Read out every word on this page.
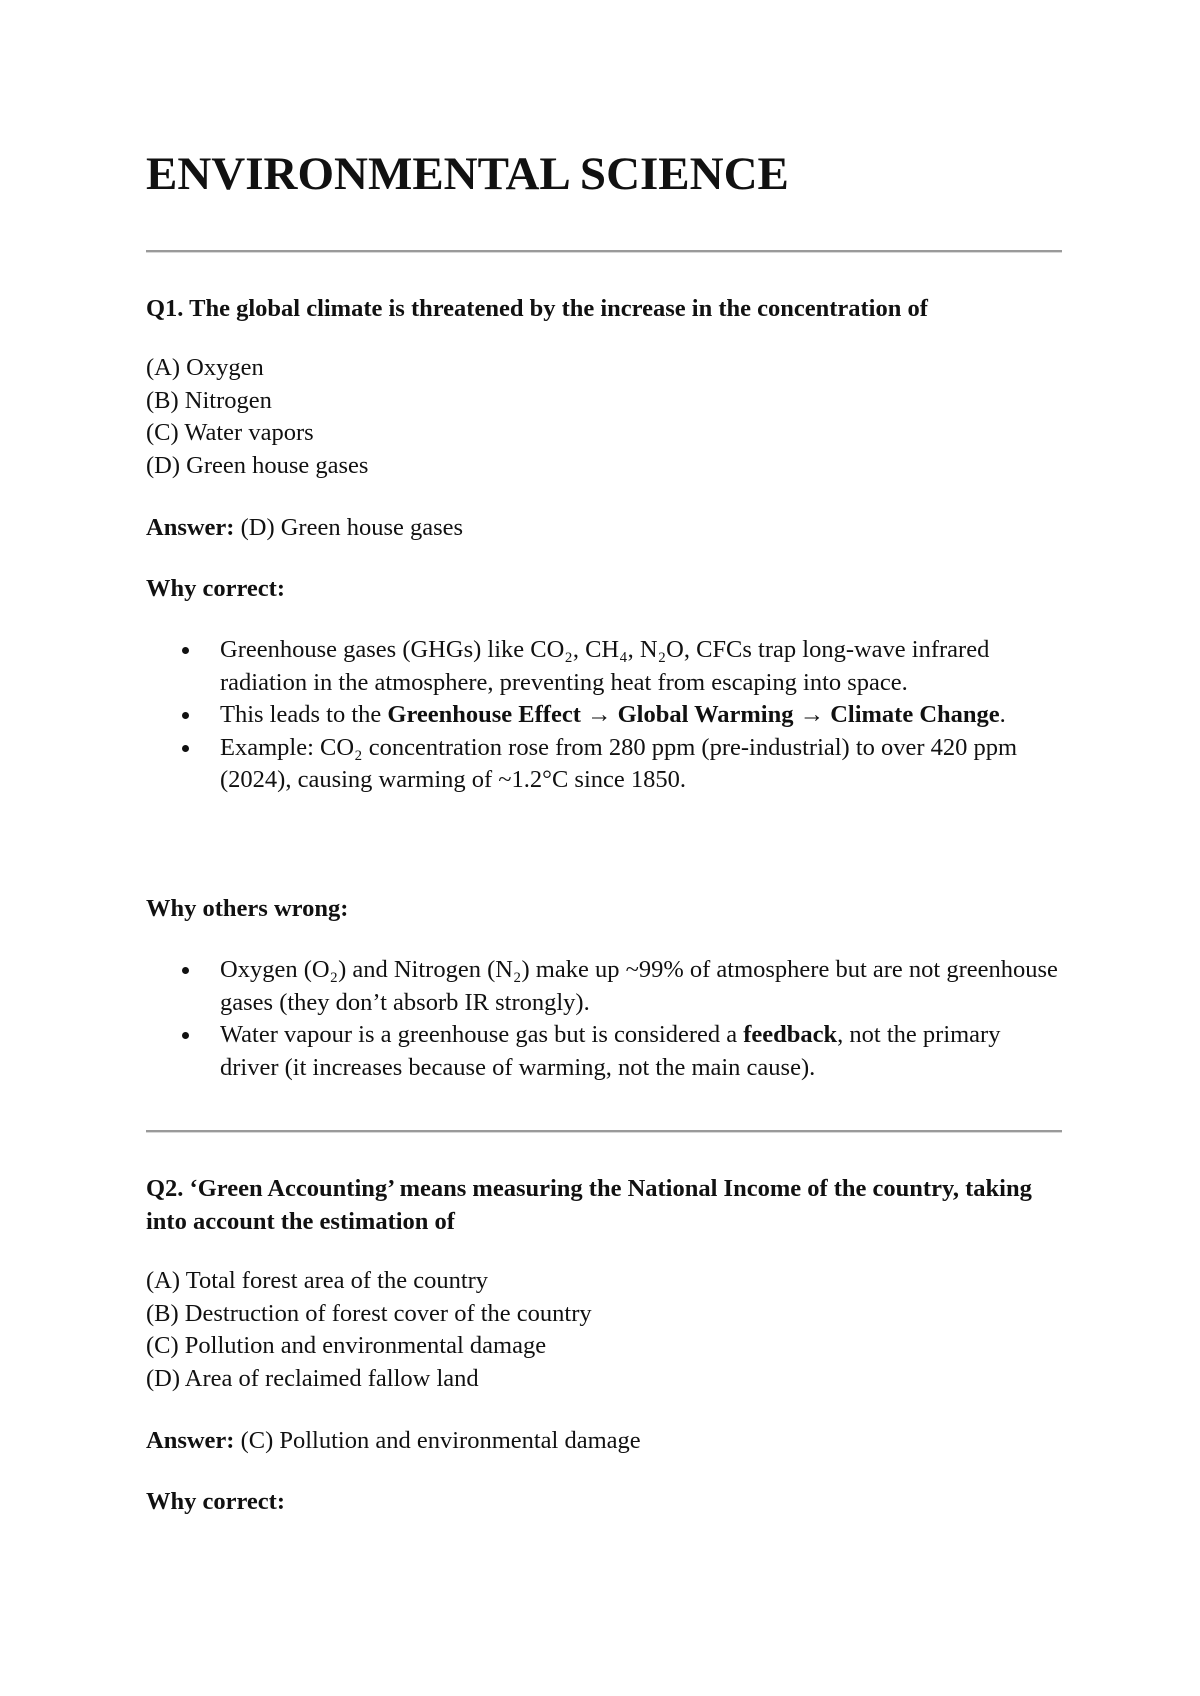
ENVIRONMENTAL SCIENCE
Q1. The global climate is threatened by the increase in the concentration of
(A) Oxygen
(B) Nitrogen
(C) Water vapors
(D) Green house gases
Answer: (D) Green house gases
Why correct:
Greenhouse gases (GHGs) like CO₂, CH₄, N₂O, CFCs trap long-wave infrared radiation in the atmosphere, preventing heat from escaping into space.
This leads to the Greenhouse Effect → Global Warming → Climate Change.
Example: CO₂ concentration rose from 280 ppm (pre-industrial) to over 420 ppm (2024), causing warming of ~1.2°C since 1850.
Why others wrong:
Oxygen (O₂) and Nitrogen (N₂) make up ~99% of atmosphere but are not greenhouse gases (they don’t absorb IR strongly).
Water vapour is a greenhouse gas but is considered a feedback, not the primary driver (it increases because of warming, not the main cause).
Q2. ‘Green Accounting’ means measuring the National Income of the country, taking into account the estimation of
(A) Total forest area of the country
(B) Destruction of forest cover of the country
(C) Pollution and environmental damage
(D) Area of reclaimed fallow land
Answer: (C) Pollution and environmental damage
Why correct:
